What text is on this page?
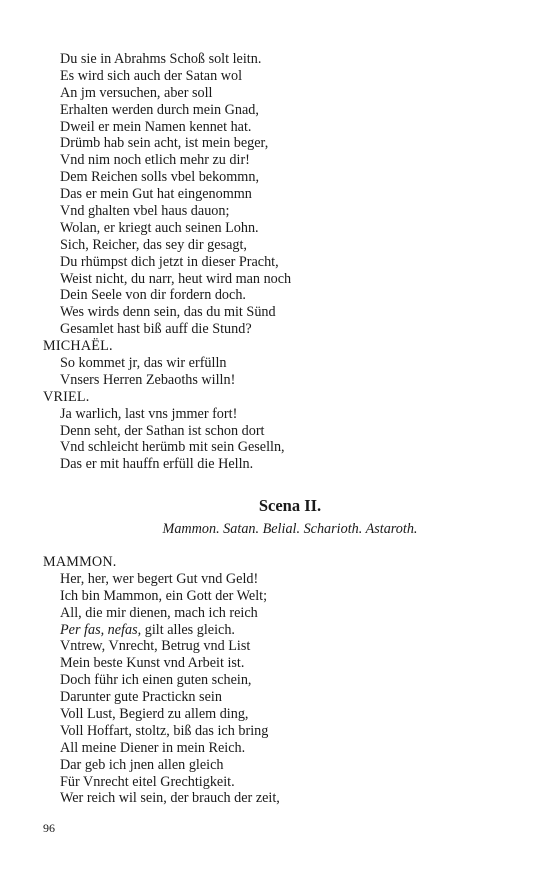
Du sie in Abrahms Schoß solt leitn.
Es wird sich auch der Satan wol
An jm versuchen, aber soll
Erhalten werden durch mein Gnad,
Dweil er mein Namen kennet hat.
Drümb hab sein acht, ist mein beger,
Vnd nim noch etlich mehr zu dir!
Dem Reichen solls vbel bekommn,
Das er mein Gut hat eingenommn
Vnd ghalten vbel haus dauon;
Wolan, er kriegt auch seinen Lohn.
Sich, Reicher, das sey dir gesagt,
Du rhümpst dich jetzt in dieser Pracht,
Weist nicht, du narr, heut wird man noch
Dein Seele von dir fordern doch.
Wes wirds denn sein, das du mit Sünd
Gesamlet hast biß auff die Stund?
MICHAËL.
So kommet jr, das wir erfülln
Vnsers Herren Zebaoths willn!
VRIEL.
Ja warlich, last vns jmmer fort!
Denn seht, der Sathan ist schon dort
Vnd schleicht herümb mit sein Geselln,
Das er mit hauffn erfüll die Helln.
Scena II.
Mammon. Satan. Belial. Scharioth. Astaroth.
MAMMON.
Her, her, wer begert Gut vnd Geld!
Ich bin Mammon, ein Gott der Welt;
All, die mir dienen, mach ich reich
Per fas, nefas, gilt alles gleich.
Vntrew, Vnrecht, Betrug vnd List
Mein beste Kunst vnd Arbeit ist.
Doch führ ich einen guten schein,
Darunter gute Practickn sein
Voll Lust, Begierd zu allem ding,
Voll Hoffart, stoltz, biß das ich bring
All meine Diener in mein Reich.
Dar geb ich jnen allen gleich
Für Vnrecht eitel Grechtigkeit.
Wer reich wil sein, der brauch der zeit,
96
